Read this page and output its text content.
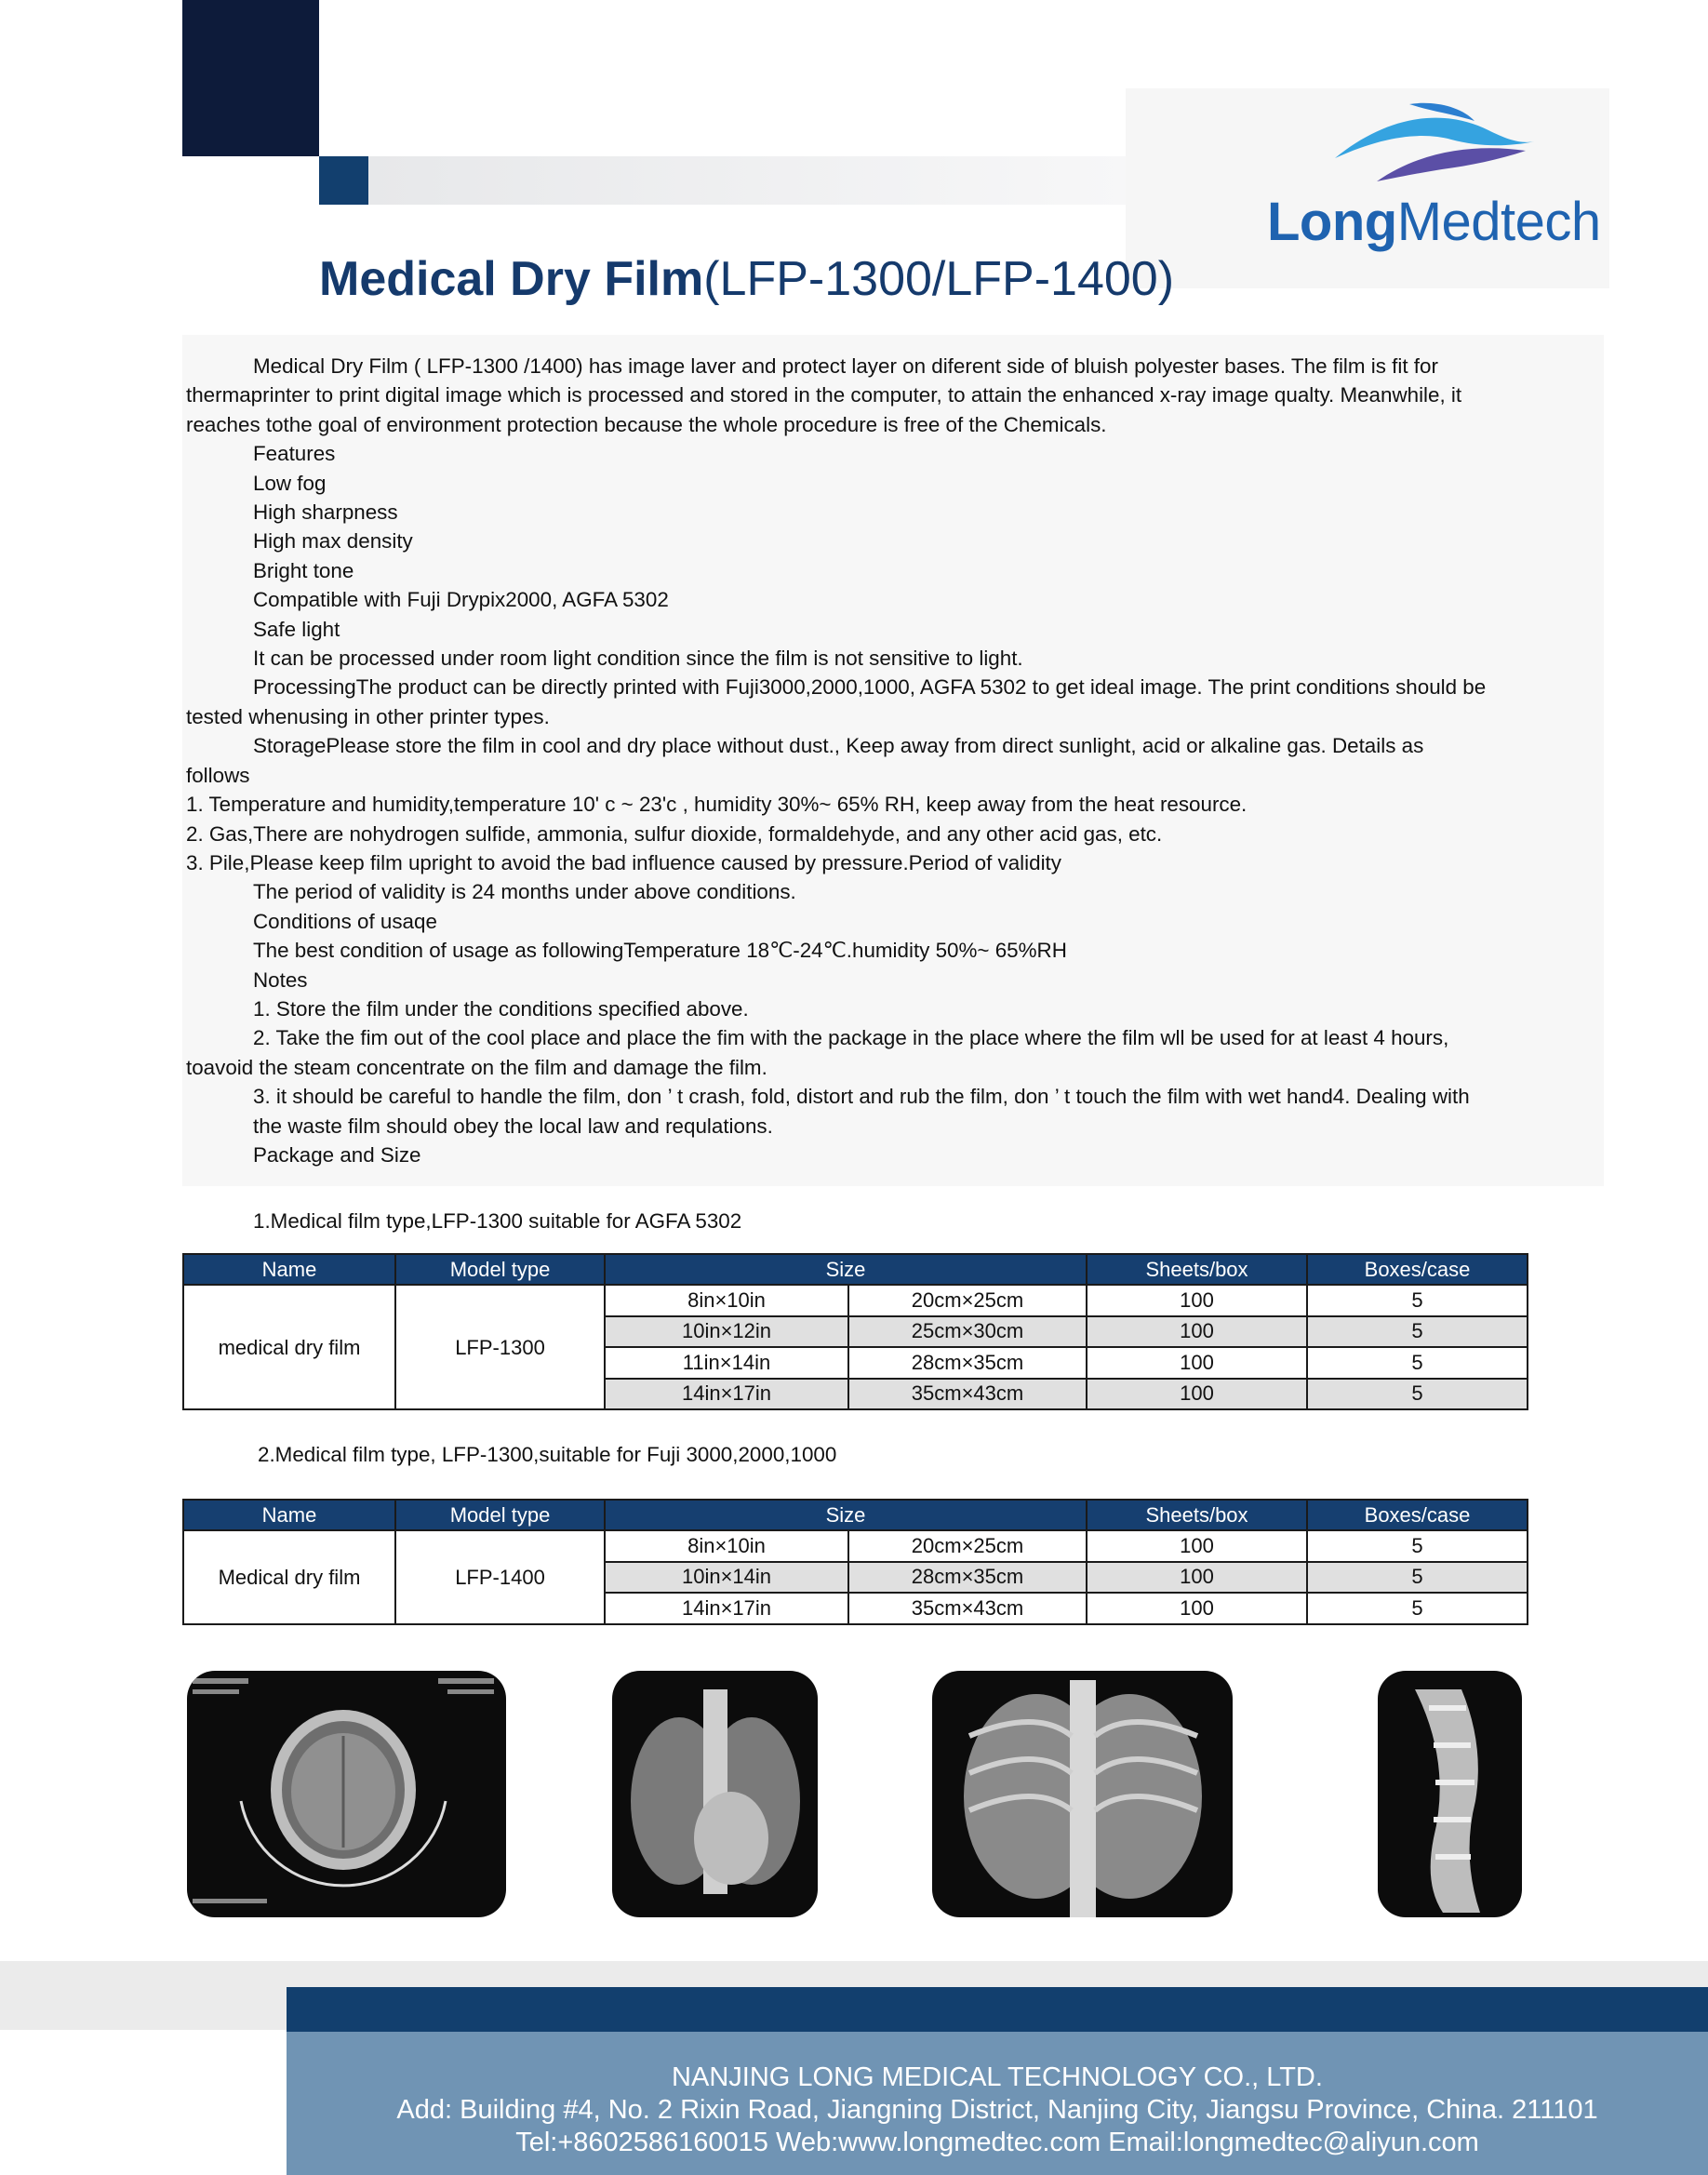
LongMedtech
Medical Dry Film(LFP-1300/LFP-1400)

Medical Dry Film ( LFP-1300 /1400) has image laver and protect layer on diferent side of bluish polyester bases. The film is fit for thermaprinter to print digital image which is processed and stored in the computer, to attain the enhanced x-ray image qualty. Meanwhile, it reaches tothe goal of environment protection because the whole procedure is free of the Chemicals.

Features

Low fog

High sharpness

High max density

Bright tone

Compatible with Fuji Drypix2000, AGFA 5302

Safe light

It can be processed under room light condition since the film is not sensitive to light.

ProcessingThe product can be directly printed with Fuji3000,2000,1000, AGFA 5302 to get ideal image. The print conditions should be tested whenusing in other printer types.

StoragePlease store the film in cool and dry place without dust., Keep away from direct sunlight, acid or alkaline gas. Details as follows

1. Temperature and humidity,temperature 10' c ~ 23'c , humidity 30%~ 65% RH, keep away from the heat resource.

2. Gas,There are nohydrogen sulfide, ammonia, sulfur dioxide, formaldehyde, and any other acid gas, etc.

3. Pile,Please keep film upright to avoid the bad influence caused by pressure.Period of validity

The period of validity is 24 months under above conditions.

Conditions of usaqe

The best condition of usage as followingTemperature 18℃-24℃.humidity 50%~ 65%RH

Notes

1. Store the film under the conditions specified above.

2. Take the fim out of the cool place and place the fim with the package in the place where the film wll be used for at least 4 hours, toavoid the steam concentrate on the film and damage the film.

3. it should be careful to handle the film, don ’ t crash, fold, distort and rub the film, don ’ t touch the film with wet hand4. Dealing with the waste film should obey the local law and requlations.

Package and Size

1.Medical film type,LFP-1300 suitable for AGFA 5302
Name	Model type	Size		Sheets/box	Boxes/case
medical dry film	LFP-1300	8in×10in	20cm×25cm	100	5
		10in×12in	25cm×30cm	100	5
		11in×14in	28cm×35cm	100	5
		14in×17in	35cm×43cm	100	5
2.Medical film type, LFP-1300,suitable for Fuji 3000,2000,1000
Name	Model type	Size		Sheets/box	Boxes/case
Medical dry film	LFP-1400	8in×10in	20cm×25cm	100	5
		10in×14in	28cm×35cm	100	5
		14in×17in	35cm×43cm	100	5
NANJING LONG MEDICAL TECHNOLOGY CO., LTD.
Add: Building #4, No. 2 Rixin Road, Jiangning District, Nanjing City, Jiangsu Province, China. 211101
Tel:+8602586160015 Web:www.longmedtec.com Email:longmedtec@aliyun.com
